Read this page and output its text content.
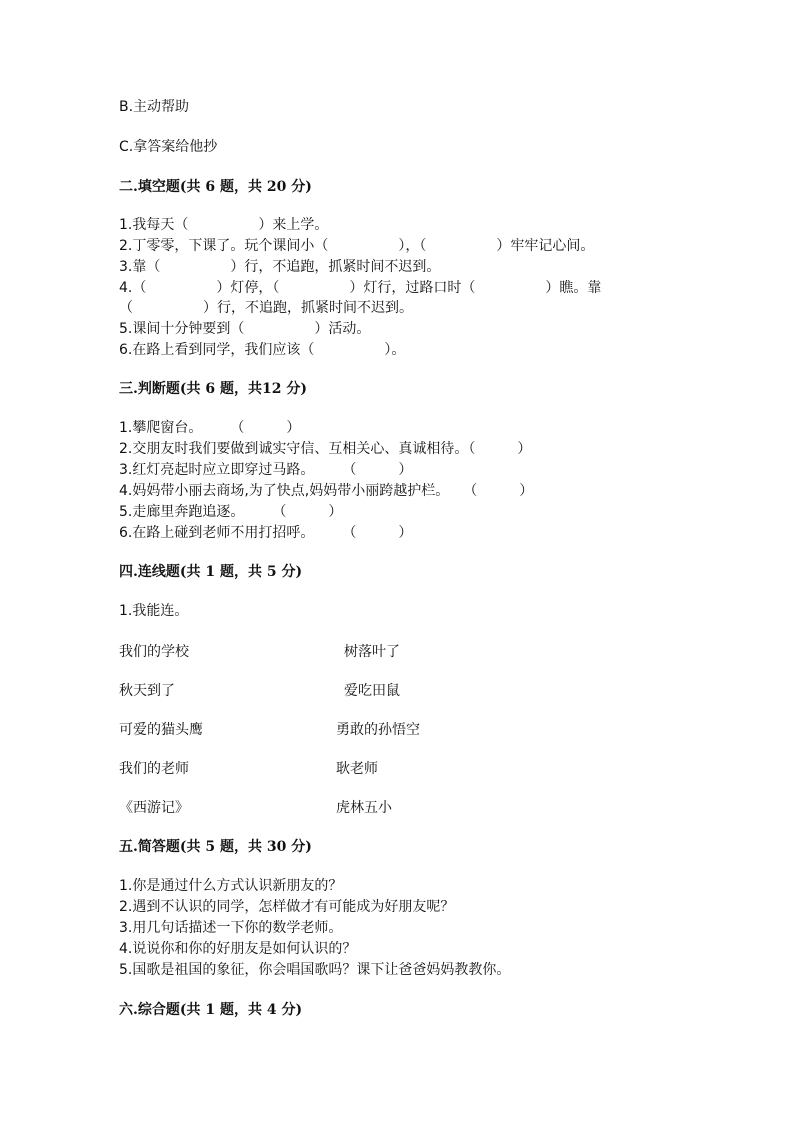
B.主动帮助

C.拿答案给他抄

二.填空题(共 6 题，共 20 分)

1.我每天（　　　　　）来上学。

2.丁零零，下课了。玩个课间小（　　　　　），（　　　　　）牢牢记心间。

3.靠（　　　　　）行，不追跑，抓紧时间不迟到。

4.（　　　　　）灯停，（　　　　　）灯行，过路口时（　　　　　）瞧。靠

（　　　　　）行，不追跑，抓紧时间不迟到。

5.课间十分钟要到（　　　　　）活动。

6.在路上看到同学，我们应该（　　　　　）。

三.判断题(共 6 题，共12 分)

1.攀爬窗台。　　　（　　　）

2.交朋友时我们要做到诚实守信、互相关心、真诚相待。（　　　）

3.红灯亮起时应立即穿过马路。　　　（　　　）

4.妈妈带小丽去商场,为了快点,妈妈带小丽跨越护栏。　　（　　　）

5.走廊里奔跑追逐。　　　（　　　）

6.在路上碰到老师不用打招呼。　　　（　　　）

四.连线题(共 1 题，共 5 分)

1.我能连。

我们的学校	树落叶了
秋天到了	爱吃田鼠
可爱的猫头鹰	勇敢的孙悟空
我们的老师	耿老师
《西游记》	虎林五小

五.简答题(共 5 题，共 30 分)

1.你是通过什么方式认识新朋友的？

2.遇到不认识的同学，怎样做才有可能成为好朋友呢？

3.用几句话描述一下你的数学老师。

4.说说你和你的好朋友是如何认识的？

5.国歌是祖国的象征，你会唱国歌吗？课下让爸爸妈妈教教你。

六.综合题(共 1 题，共 4 分)
